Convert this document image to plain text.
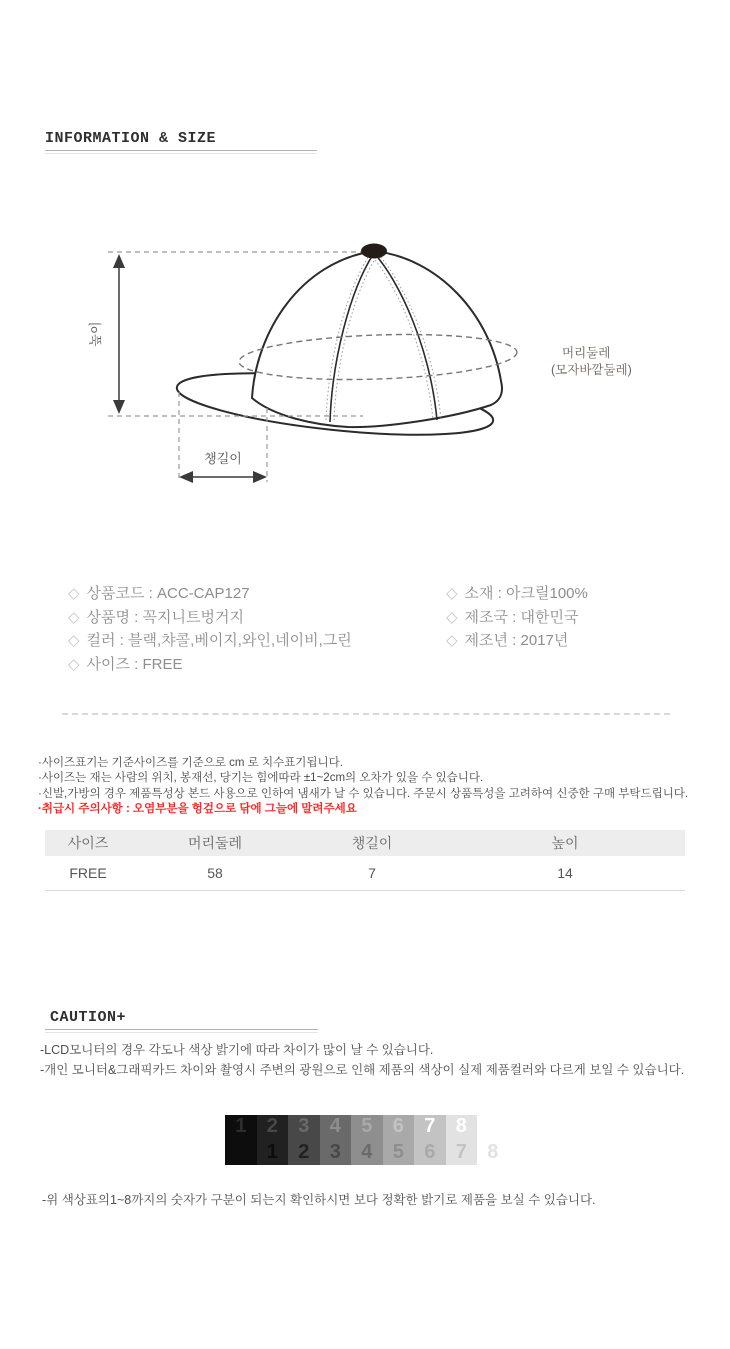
INFORMATION & SIZE
높이
챙길이
머리둘레
(모자바깥둘레)
◇ 상품코드 : ACC-CAP127
◇ 상품명 : 꼭지니트벙거지
◇ 컬러 : 블랙,챠콜,베이지,와인,네이비,그린
◇ 사이즈 : FREE
◇ 소재 : 아크릴100%
◇ 제조국 : 대한민국
◇ 제조년 : 2017년
·사이즈표기는 기준사이즈를 기준으로 cm 로 치수표기됩니다.
·사이즈는 재는 사람의 위치, 봉재선, 당기는 힘에따라 ±1~2cm의 오차가 있을 수 있습니다.
·신발,가방의 경우 제품특성상 본드 사용으로 인하여 냄새가 날 수 있습니다. 주문시 상품특성을 고려하여 신중한 구매 부탁드립니다.
·취급시 주의사항 : 오염부분을 헝겊으로 닦에 그늘에 말려주세요
사이즈	머리둘레	챙길이	높이
FREE	58	7	14
CAUTION+
-LCD모니터의 경우 각도나 색상 밝기에 따라 차이가 많이 날 수 있습니다.
-개인 모니터&그래픽카드 차이와 촬영시 주변의 광원으로 인해 제품의 색상이 실제 제품컬러와 다르게 보일 수 있습니다.
1	2
1
3
2
4
3
5
4
6
5
7
6
8
7	8
-위 색상표의1~8까지의 숫자가 구분이 되는지 확인하시면 보다 정확한 밝기로 제품을 보실 수 있습니다.
